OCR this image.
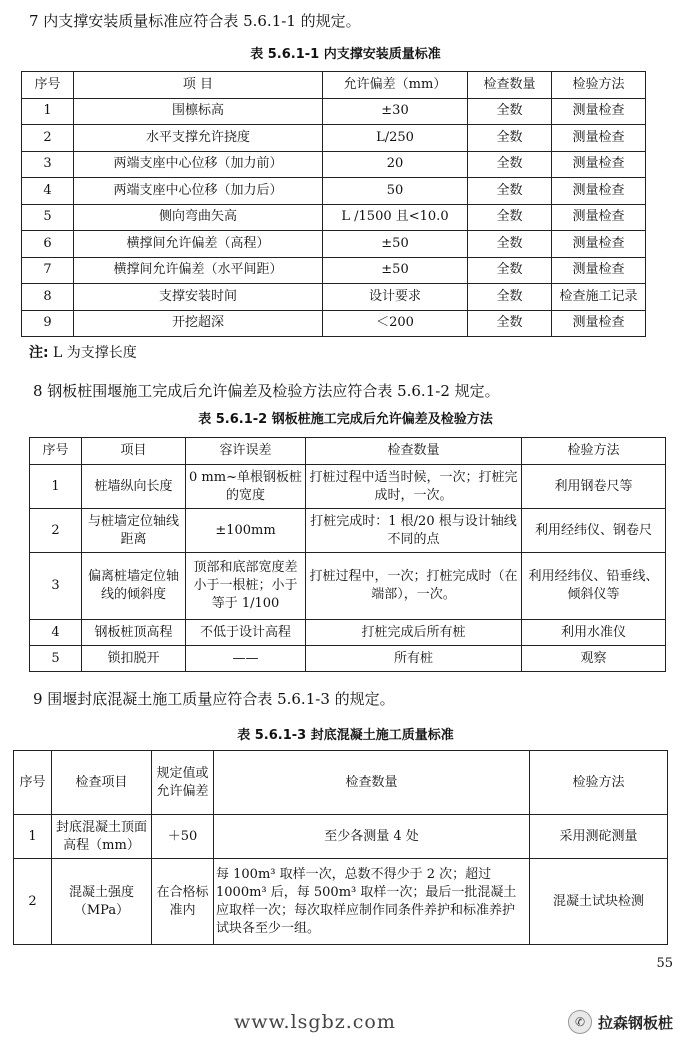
7 内支撑安装质量标准应符合表 5.6.1-1 的规定。
表 5.6.1-1 内支撑安装质量标准
序号	项 目	允许偏差（mm）	检查数量	检验方法
1	围檩标高	±30	全数	测量检查
2	水平支撑允许挠度	L/250	全数	测量检查
3	两端支座中心位移（加力前）	20	全数	测量检查
4	两端支座中心位移（加力后）	50	全数	测量检查
5	侧向弯曲矢高	L /1500 且<10.0	全数	测量检查
6	横撑间允许偏差（高程）	±50	全数	测量检查
7	横撑间允许偏差（水平间距）	±50	全数	测量检查
8	支撑安装时间	设计要求	全数	检查施工记录
9	开挖超深	＜200	全数	测量检查
注: L 为支撑长度
8 钢板桩围堰施工完成后允许偏差及检验方法应符合表 5.6.1-2 规定。
表 5.6.1-2 钢板桩施工完成后允许偏差及检验方法
序号	项目	容许误差	检查数量	检验方法
1	桩墙纵向长度	0 mm~单根钢板桩的宽度	打桩过程中适当时候，一次；打桩完成时，一次。	利用钢卷尺等
2	与桩墙定位轴线距离	±100mm	打桩完成时：1 根/20 根与设计轴线不同的点	利用经纬仪、钢卷尺
3	偏离桩墙定位轴线的倾斜度	顶部和底部宽度差小于一根桩；小于等于 1/100	打桩过程中，一次；打桩完成时（在端部），一次。	利用经纬仪、铅垂线、倾斜仪等
4	钢板桩顶高程	不低于设计高程	打桩完成后所有桩	利用水准仪
5	锁扣脱开	——	所有桩	观察
9 围堰封底混凝土施工质量应符合表 5.6.1-3 的规定。
表 5.6.1-3 封底混凝土施工质量标准
序号	检查项目	规定值或允许偏差	检查数量	检验方法
1	封底混凝土顶面高程（mm）	＋50	至少各测量 4 处	采用测砣测量
2	混凝土强度（MPa）	在合格标准内	每 100m³ 取样一次，总数不得少于 2 次；超过 1000m³ 后，每 500m³ 取样一次；最后一批混凝土应取样一次；每次取样应制作同条件养护和标准养护试块各至少一组。	混凝土试块检测
55
www.lsgbz.com	✆ 拉森钢板桩
